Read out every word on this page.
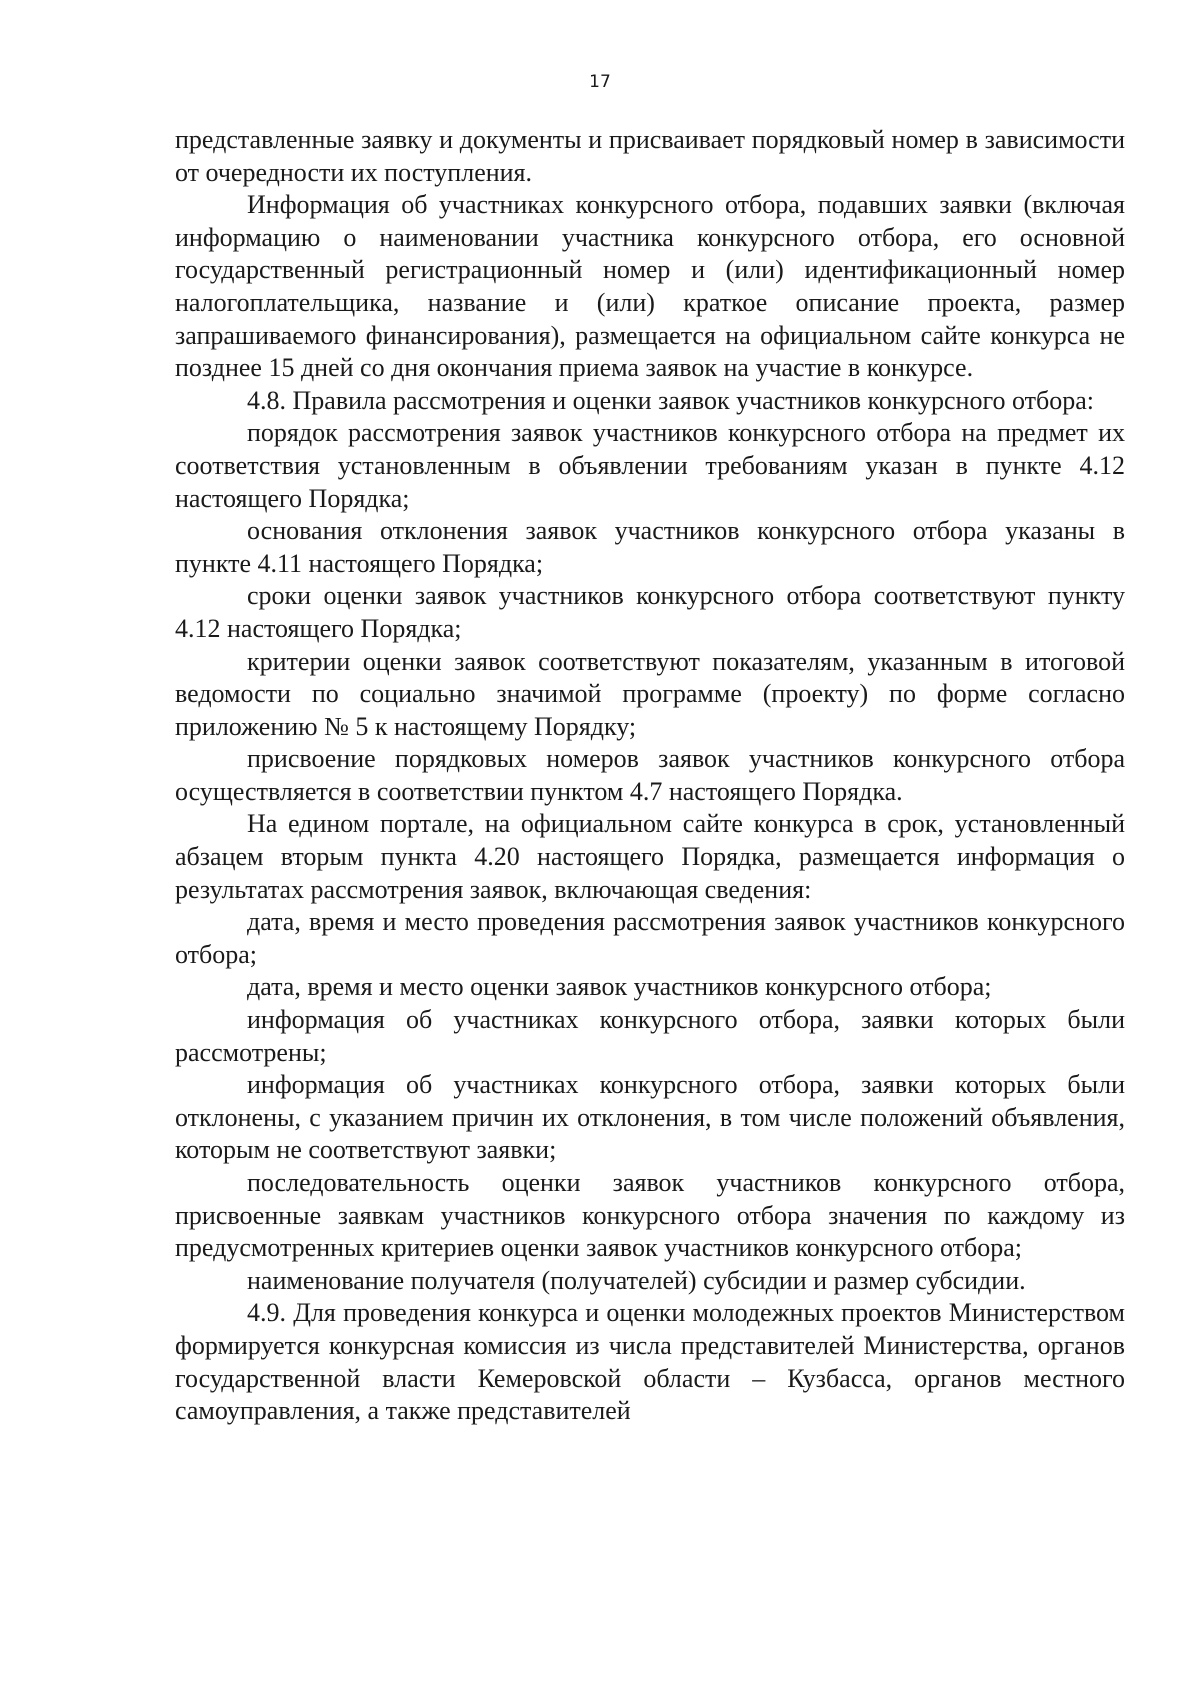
17

представленные заявку и документы и присваивает порядковый номер в зависимости от очередности их поступления.

Информация об участниках конкурсного отбора, подавших заявки (включая информацию о наименовании участника конкурсного отбора, его основной государственный регистрационный номер и (или) идентификационный номер налогоплательщика, название и (или) краткое описание проекта, размер запрашиваемого финансирования), размещается на официальном сайте конкурса не позднее 15 дней со дня окончания приема заявок на участие в конкурсе.

4.8. Правила рассмотрения и оценки заявок участников конкурсного отбора:

порядок рассмотрения заявок участников конкурсного отбора на предмет их соответствия установленным в объявлении требованиям указан в пункте 4.12 настоящего Порядка;

основания отклонения заявок участников конкурсного отбора указаны в пункте 4.11 настоящего Порядка;

сроки оценки заявок участников конкурсного отбора соответствуют пункту 4.12 настоящего Порядка;

критерии оценки заявок соответствуют показателям, указанным в итоговой ведомости по социально значимой программе (проекту) по форме согласно приложению № 5 к настоящему Порядку;

присвоение порядковых номеров заявок участников конкурсного отбора осуществляется в соответствии пунктом 4.7 настоящего Порядка.

На едином портале, на официальном сайте конкурса в срок, установленный абзацем вторым пункта 4.20 настоящего Порядка, размещается информация о результатах рассмотрения заявок, включающая сведения:

дата, время и место проведения рассмотрения заявок участников конкурсного отбора;

дата, время и место оценки заявок участников конкурсного отбора;

информация об участниках конкурсного отбора, заявки которых были рассмотрены;

информация об участниках конкурсного отбора, заявки которых были отклонены, с указанием причин их отклонения, в том числе положений объявления, которым не соответствуют заявки;

последовательность оценки заявок участников конкурсного отбора, присвоенные заявкам участников конкурсного отбора значения по каждому из предусмотренных критериев оценки заявок участников конкурсного отбора;

наименование получателя (получателей) субсидии и размер субсидии.

4.9. Для проведения конкурса и оценки молодежных проектов Министерством формируется конкурсная комиссия из числа представителей Министерства, органов государственной власти Кемеровской области – Кузбасса, органов местного самоуправления, а также представителей
